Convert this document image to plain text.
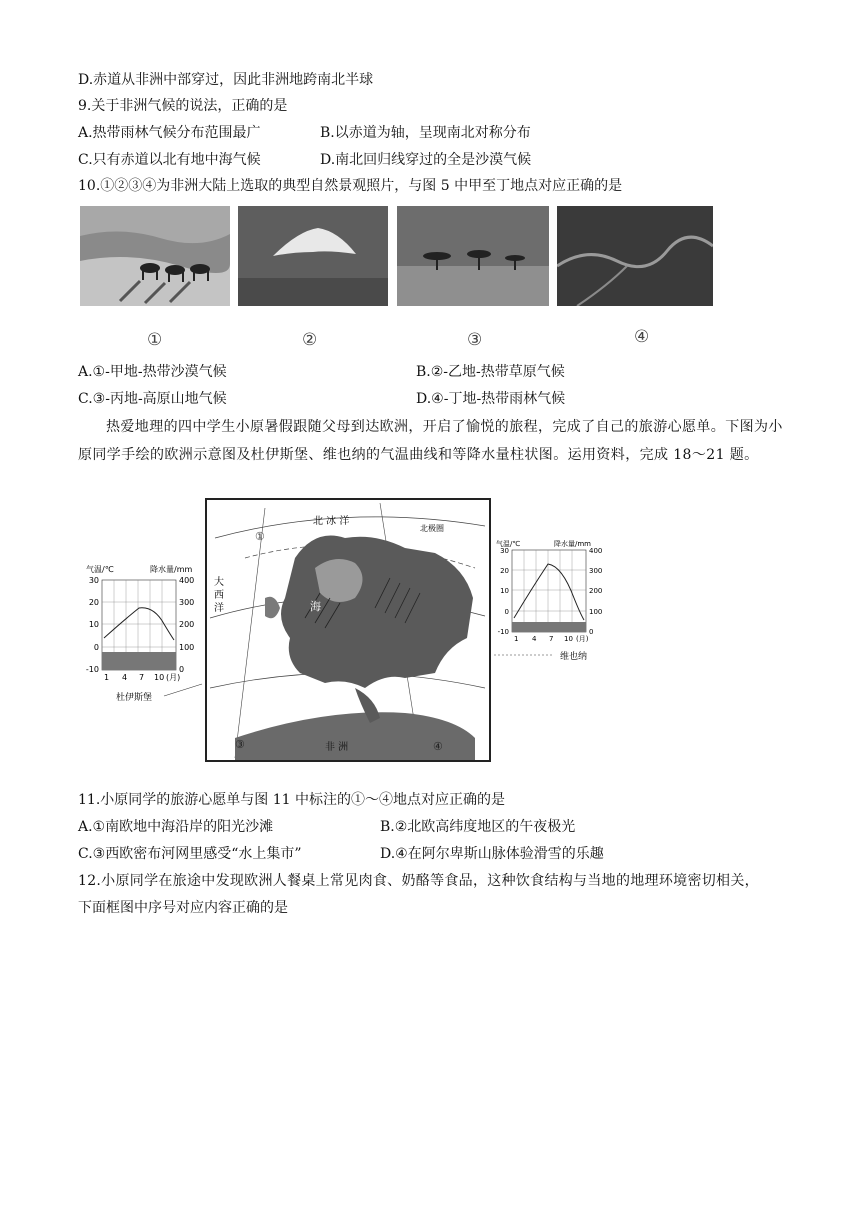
D.赤道从非洲中部穿过，因此非洲地跨南北半球
9.关于非洲气候的说法，正确的是
A.热带雨林气候分布范围最广	B.以赤道为轴，呈现南北对称分布
C.只有赤道以北有地中海气候	D.南北回归线穿过的全是沙漠气候
10.①②③④为非洲大陆上选取的典型自然景观照片，与图 5 中甲至丁地点对应正确的是
①	②	③	④
A.①-甲地-热带沙漠气候	B.②-乙地-热带草原气候
C.③-丙地-高原山地气候	D.④-丁地-热带雨林气候
热爱地理的四中学生小原暑假跟随父母到达欧洲，开启了愉悦的旅程，完成了自己的旅游心愿单。下图为小原同学手绘的欧洲示意图及杜伊斯堡、维也纳的气温曲线和等降水量柱状图。运用资料，完成 18～21 题。
气温/℃	降水量/mm
30
20
10
0
-10
400
300
200
100
0
1 4 7 10 (月)
杜伊斯堡
北 冰 洋
北极圈
大 西 洋
①
海
③	④
非 洲
气温/℃	降水量/mm
30
20
10
0
-10
400
300
200
100
0
1 4 7 10 (月)
维也纳
11.小原同学的旅游心愿单与图 11 中标注的①～④地点对应正确的是
A.①南欧地中海沿岸的阳光沙滩	B.②北欧高纬度地区的午夜极光
C.③西欧密布河网里感受“水上集市”	D.④在阿尔卑斯山脉体验滑雪的乐趣
12.小原同学在旅途中发现欧洲人餐桌上常见肉食、奶酪等食品，这种饮食结构与当地的地理环境密切相关，
下面框图中序号对应内容正确的是
